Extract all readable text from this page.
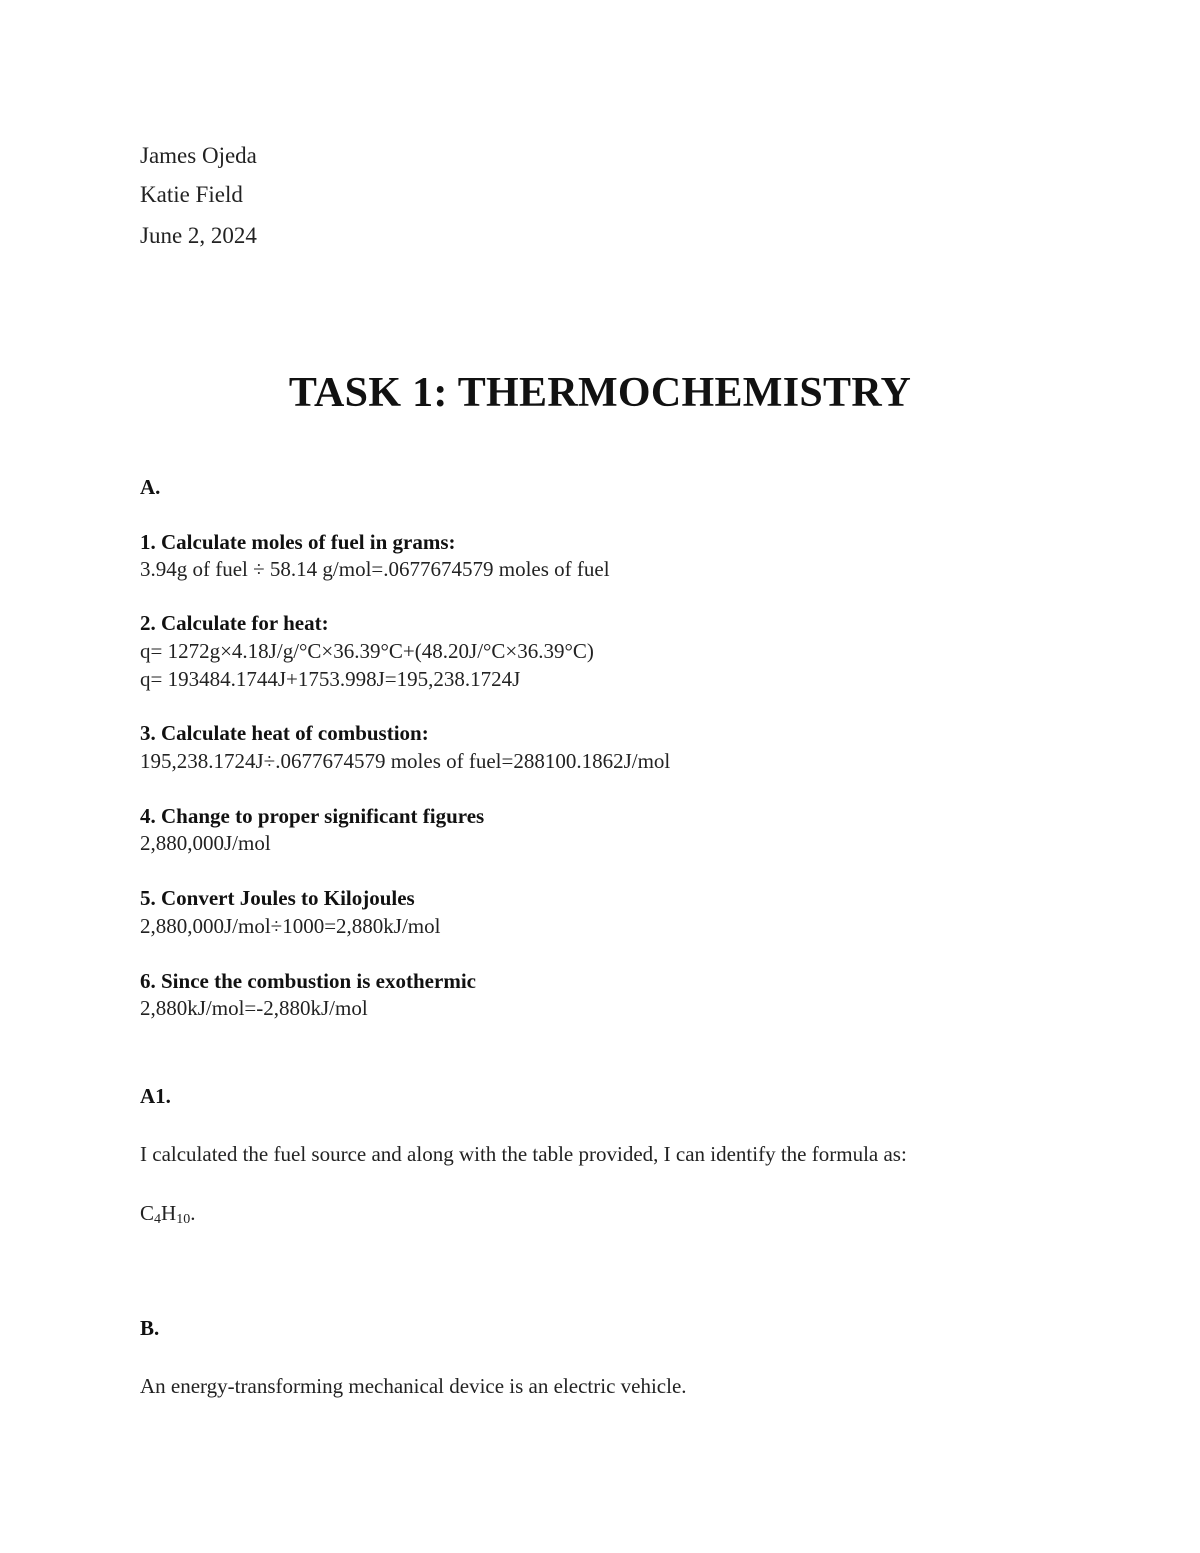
James Ojeda
Katie Field
June 2, 2024
TASK 1: THERMOCHEMISTRY
A.
1. Calculate moles of fuel in grams:
3.94g of fuel ÷ 58.14 g/mol=.0677674579 moles of fuel
2. Calculate for heat:
q= 1272g×4.18J/g/°C×36.39°C+(48.20J/°C×36.39°C)
q= 193484.1744J+1753.998J=195,238.1724J
3. Calculate heat of combustion:
195,238.1724J÷.0677674579 moles of fuel=288100.1862J/mol
4. Change to proper significant figures
2,880,000J/mol
5. Convert Joules to Kilojoules
2,880,000J/mol÷1000=2,880kJ/mol
6. Since the combustion is exothermic
2,880kJ/mol=-2,880kJ/mol
A1.
I calculated the fuel source and along with the table provided, I can identify the formula as:
$C_4H_{10}$.
B.
An energy-transforming mechanical device is an electric vehicle.
